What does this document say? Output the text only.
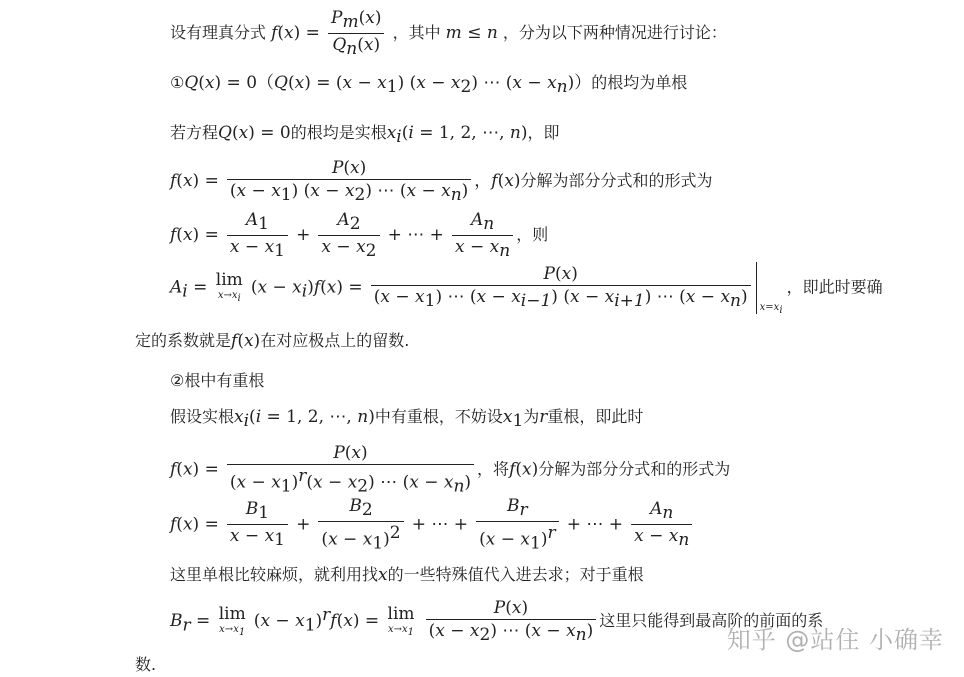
设有理真分式 $f(x) = \frac{P_m(x)}{Q_n(x)}$ ，其中 m ≤ n ，分为以下两种情况进行讨论：
①Q(x) = $0(Q(x) = (x - x_1)$ $(x - x_2)$ ⋯ $(x - x_n)$）的根均为单根
若方程Q(x) = 0的根均是实根$x_i(i = 1$, 2, ⋯, n)，即
$f(x) = \frac{P(x)}{(x - x_1) (x - x_2) \cdots (x - x_n)}$ ，f(x)分解为部分分式和的形式为
$f(x) = \frac{A_1}{x - x_1} + \frac{A_2}{x - x_2}$ + ⋯ + $\frac{A_n}{x - x_n}$ ，则
$A_i = \lim$
$x\to x_i$
$(x - x_i)f(x) = \frac{P(x)}{(x - x_1) \cdots (x - x_{i-1}) (x - x_{i+1}) \cdots (x - x_n)} x=x_i$
，即此时要确
定的系数就是f(x)在对应极点上的留数.
②根中有重根
假设实根$x_i(i = 1$, 2, ⋯, n)中有重根，不妨设$x_1$为r重根，即此时
$f(x) = \frac{P(x)}{(x - x_1)^r(x - x_2) \cdots (x - x_n)}$ ，将f(x)分解为部分分式和的形式为
$f(x) = \frac{B_1}{x - x_1} + \frac{B_2}{(x - x_1)^2}$ + ⋯ + $\frac{B_r}{(x - x_1)^r}$ + ⋯ + $\frac{A_n}{x - x_n}$
这里单根比较麻烦，就利用找x的一些特殊值代入进去求；对于重根
$B_r = \lim$
$x\to x_1$
$(x - x_1)^rf(x) = \lim$
$x\to x_1$
$\frac{P(x)}{(x - x_2) \cdots (x - x_n)}$ 这里只能得到最高阶的前面的系
数.
知乎 @站住 小确幸
